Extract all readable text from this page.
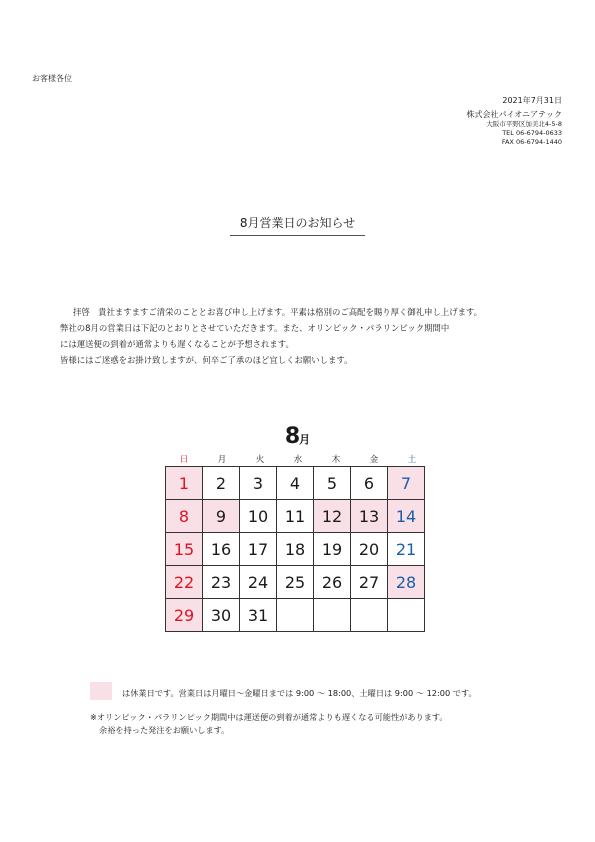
お客様各位
2021年7月31日
株式会社パイオニアテック
大阪市平野区加美北4-5-8
TEL 06-6794-0633
FAX 06-6794-1440
8月営業日のお知らせ

拝啓　貴社ますますご清栄のこととお喜び申し上げます。平素は格別のご高配を賜り厚く御礼申し上げます。

弊社の8月の営業日は下記のとおりとさせていただきます。また、オリンピック・パラリンピック期間中

には運送便の到着が通常よりも遅くなることが予想されます。

皆様にはご迷惑をお掛け致しますが、何卒ご了承のほど宜しくお願いします。

8月
日	月	火	水	木	金	土
1	2	3	4	5	6	7
8	9	10	11	12	13	14
15	16	17	18	19	20	21
22	23	24	25	26	27	28
29	30	31				
は休業日です。営業日は月曜日〜金曜日までは 9:00 〜 18:00、土曜日は 9:00 〜 12:00 です。
※オリンピック・パラリンピック期間中は運送便の到着が通常よりも遅くなる可能性があります。
余裕を持った発注をお願いします。
